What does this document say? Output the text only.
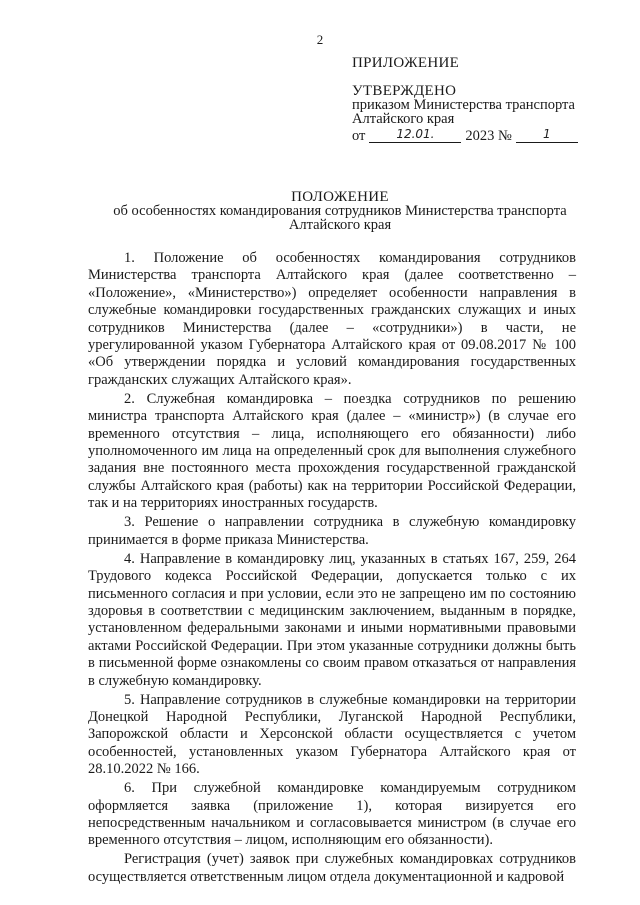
2
ПРИЛОЖЕНИЕ
УТВЕРЖДЕНО
приказом Министерства транспорта
Алтайского края
от	12.01.	2023 №	1
ПОЛОЖЕНИЕ
об особенностях командирования сотрудников Министерства транспорта
Алтайского края

1. Положение об особенностях командирования сотрудников Министерства транспорта Алтайского края (далее соответственно – «Положение», «Министерство») определяет особенности направления в служебные командировки государственных гражданских служащих и иных сотрудников Министерства (далее – «сотрудники») в части, не урегулированной указом Губернатора Алтайского края от 09.08.2017 № 100 «Об утверждении порядка и условий командирования государственных гражданских служащих Алтайского края».

2. Служебная командировка – поездка сотрудников по решению министра транспорта Алтайского края (далее – «министр») (в случае его временного отсутствия – лица, исполняющего его обязанности) либо уполномоченного им лица на определенный срок для выполнения служебного задания вне постоянного места прохождения государственной гражданской службы Алтайского края (работы) как на территории Российской Федерации, так и на территориях иностранных государств.

3. Решение о направлении сотрудника в служебную командировку принимается в форме приказа Министерства.

4. Направление в командировку лиц, указанных в статьях 167, 259, 264 Трудового кодекса Российской Федерации, допускается только с их письменного согласия и при условии, если это не запрещено им по состоянию здоровья в соответствии с медицинским заключением, выданным в порядке, установленном федеральными законами и иными нормативными правовыми актами Российской Федерации. При этом указанные сотрудники должны быть в письменной форме ознакомлены со своим правом отказаться от направления в служебную командировку.

5. Направление сотрудников в служебные командировки на территории Донецкой Народной Республики, Луганской Народной Республики, Запорожской области и Херсонской области осуществляется с учетом особенностей, установленных указом Губернатора Алтайского края от 28.10.2022 № 166.

6. При служебной командировке командируемым сотрудником оформляется заявка (приложение 1), которая визируется его непосредственным начальником и согласовывается министром (в случае его временного отсутствия – лицом, исполняющим его обязанности).

Регистрация (учет) заявок при служебных командировках сотрудников осуществляется ответственным лицом отдела документационной и кадровой
